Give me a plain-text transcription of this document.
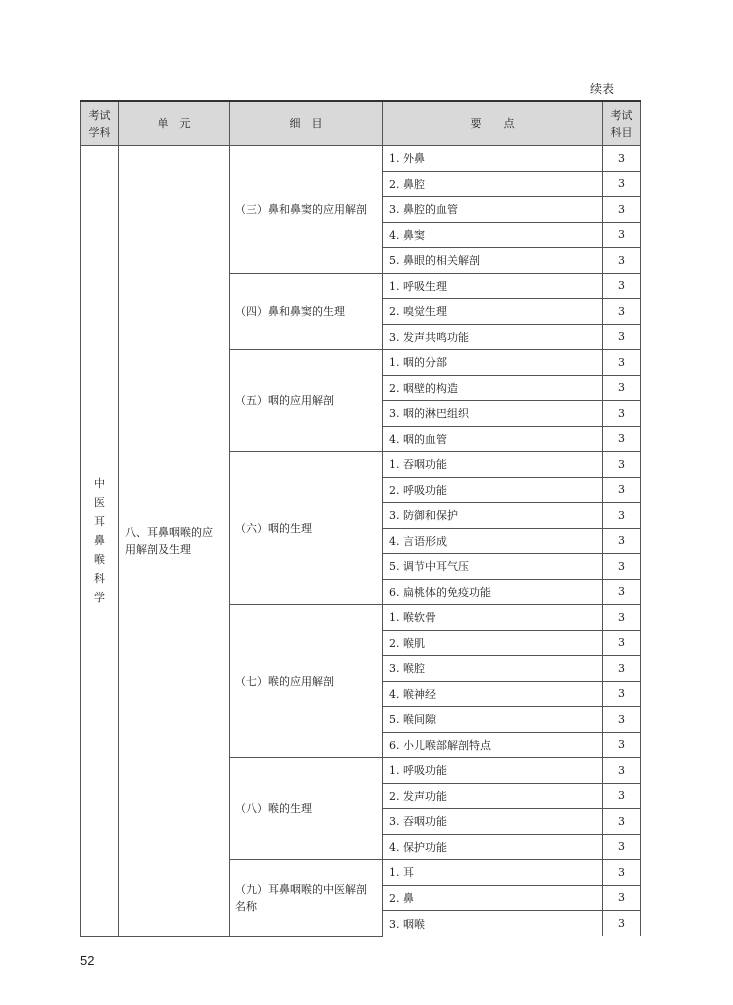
续表
考试学科	单　元	细　目	要　　点	考试科目
中医耳鼻喉科学	八、耳鼻咽喉的应用解剖及生理	（三）鼻和鼻窦的应用解剖	1. 外鼻	3
			2. 鼻腔	3
			3. 鼻腔的血管	3
			4. 鼻窦	3
			5. 鼻眼的相关解剖	3
		（四）鼻和鼻窦的生理	1. 呼吸生理	3
			2. 嗅觉生理	3
			3. 发声共鸣功能	3
		（五）咽的应用解剖	1. 咽的分部	3
			2. 咽壁的构造	3
			3. 咽的淋巴组织	3
			4. 咽的血管	3
		（六）咽的生理	1. 吞咽功能	3
			2. 呼吸功能	3
			3. 防御和保护	3
			4. 言语形成	3
			5. 调节中耳气压	3
			6. 扁桃体的免疫功能	3
		（七）喉的应用解剖	1. 喉软骨	3
			2. 喉肌	3
			3. 喉腔	3
			4. 喉神经	3
			5. 喉间隙	3
			6. 小儿喉部解剖特点	3
		（八）喉的生理	1. 呼吸功能	3
			2. 发声功能	3
			3. 吞咽功能	3
			4. 保护功能	3
		（九）耳鼻咽喉的中医解剖名称	1. 耳	3
			2. 鼻	3
			3. 咽喉	3
52
